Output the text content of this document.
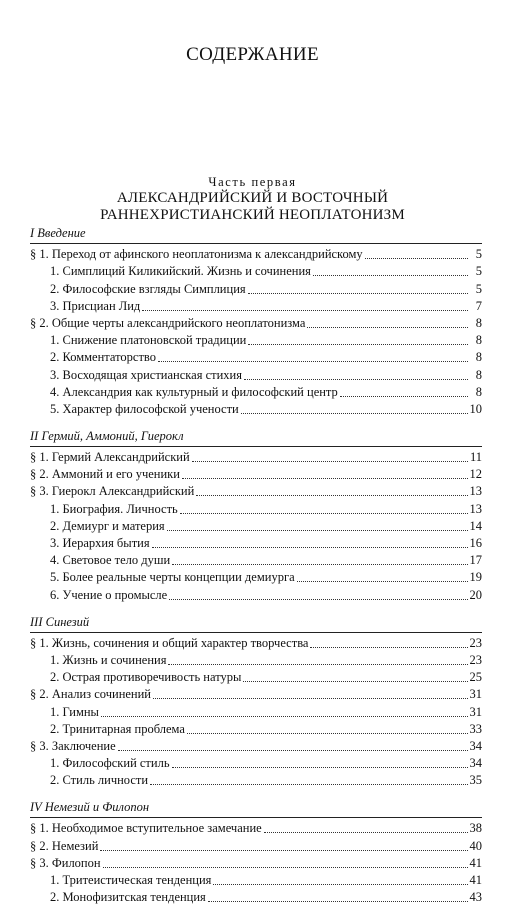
СОДЕРЖАНИЕ
Часть первая
АЛЕКСАНДРИЙСКИЙ И ВОСТОЧНЫЙ
РАННЕХРИСТИАНСКИЙ НЕОПЛАТОНИЗМ
I Введение
§ 1. Переход от афинского неоплатонизма к александрийскому	5
1. Симплиций Киликийский. Жизнь и сочинения	5
2. Философские взгляды Симплиция	5
3. Присциан Лид	7
§ 2. Общие черты александрийского неоплатонизма	8
1. Снижение платоновской традиции	8
2. Комментаторство	8
3. Восходящая христианская стихия	8
4. Александрия как культурный и философский центр	8
5. Характер философской учености	10
II Гермий, Аммоний, Гиерокл
§ 1. Гермий Александрийский	11
§ 2. Аммоний и его ученики	12
§ 3. Гиерокл Александрийский	13
1. Биография. Личность	13
2. Демиург и материя	14
3. Иерархия бытия	16
4. Световое тело души	17
5. Более реальные черты концепции демиурга	19
6. Учение о промысле	20
III Синезий
§ 1. Жизнь, сочинения и общий характер творчества	23
1. Жизнь и сочинения	23
2. Острая противоречивость натуры	25
§ 2. Анализ сочинений	31
1. Гимны	31
2. Тринитарная проблема	33
§ 3. Заключение	34
1. Философский стиль	34
2. Стиль личности	35
IV Немезий и Филопон
§ 1. Необходимое вступительное замечание	38
§ 2. Немезий	40
§ 3. Филопон	41
1. Тритеистическая тенденция	41
2. Монофизитская тенденция	43
